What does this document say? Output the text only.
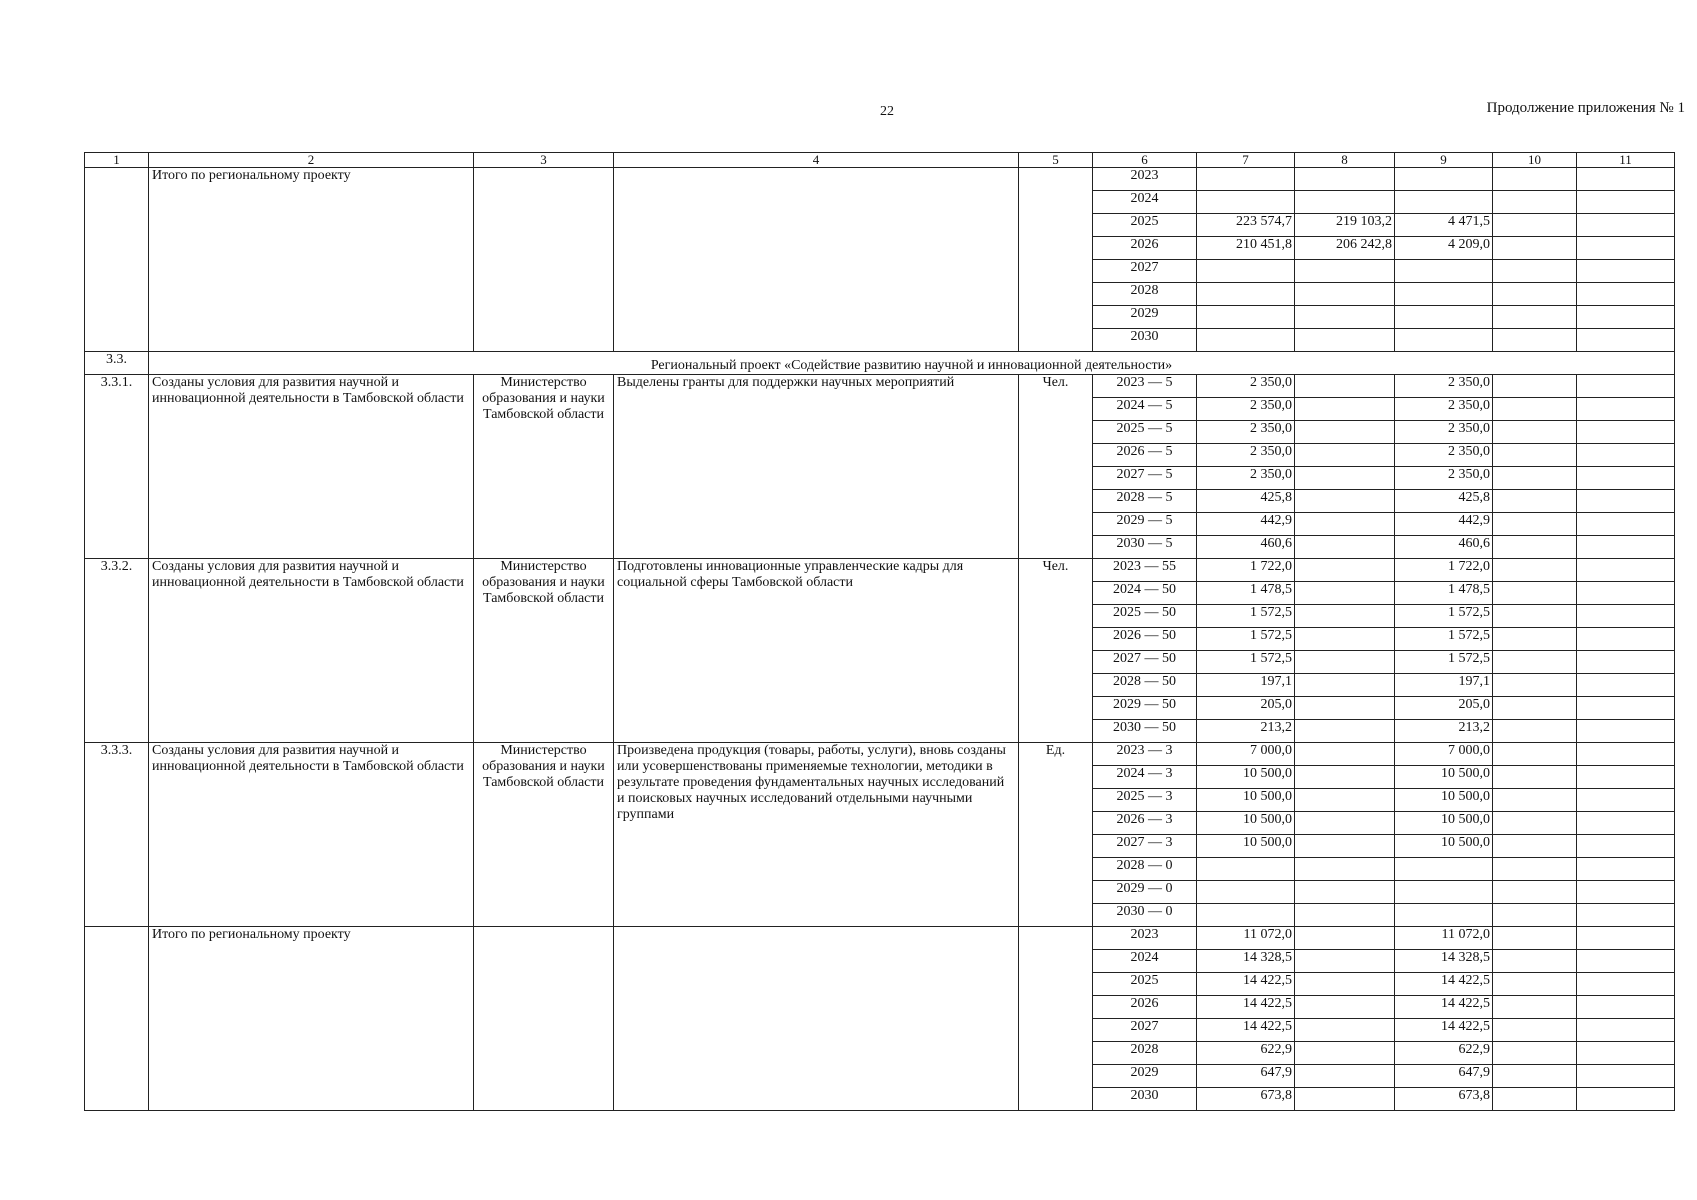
22	Продолжение приложения № 1
1	2	3	4	5	6	7	8	9	10	11
	Итого по региональному проекту				2023					
					2024					
					2025	223 574,7	219 103,2	4 471,5		
					2026	210 451,8	206 242,8	4 209,0		
					2027					
					2028					
					2029					
					2030					
3.3.	Региональный проект «Содействие развитию научной и инновационной деятельности»									
3.3.1.	Созданы условия для развития научной и инновационной деятельности в Тамбовской области	Министерство образования и науки Тамбовской области	Выделены гранты для поддержки научных мероприятий	Чел.	2023 — 5	2 350,0		2 350,0		
					2024 — 5	2 350,0		2 350,0		
					2025 — 5	2 350,0		2 350,0		
					2026 — 5	2 350,0		2 350,0		
					2027 — 5	2 350,0		2 350,0		
					2028 — 5	425,8		425,8		
					2029 — 5	442,9		442,9		
					2030 — 5	460,6		460,6		
3.3.2.	Созданы условия для развития научной и инновационной деятельности в Тамбовской области	Министерство образования и науки Тамбовской области	Подготовлены инновационные управленческие кадры для социальной сферы Тамбовской области	Чел.	2023 — 55	1 722,0		1 722,0		
					2024 — 50	1 478,5		1 478,5		
					2025 — 50	1 572,5		1 572,5		
					2026 — 50	1 572,5		1 572,5		
					2027 — 50	1 572,5		1 572,5		
					2028 — 50	197,1		197,1		
					2029 — 50	205,0		205,0		
					2030 — 50	213,2		213,2		
3.3.3.	Созданы условия для развития научной и инновационной деятельности в Тамбовской области	Министерство образования и науки Тамбовской области	Произведена продукция (товары, работы, услуги), вновь созданы или усовершенствованы применяемые технологии, методики в результате проведения фундаментальных научных исследований и поисковых научных исследований отдельными научными группами	Ед.	2023 — 3	7 000,0		7 000,0		
					2024 — 3	10 500,0		10 500,0		
					2025 — 3	10 500,0		10 500,0		
					2026 — 3	10 500,0		10 500,0		
					2027 — 3	10 500,0		10 500,0		
					2028 — 0					
					2029 — 0					
					2030 — 0					
	Итого по региональному проекту				2023	11 072,0		11 072,0		
					2024	14 328,5		14 328,5		
					2025	14 422,5		14 422,5		
					2026	14 422,5		14 422,5		
					2027	14 422,5		14 422,5		
					2028	622,9		622,9		
					2029	647,9		647,9		
					2030	673,8		673,8		
